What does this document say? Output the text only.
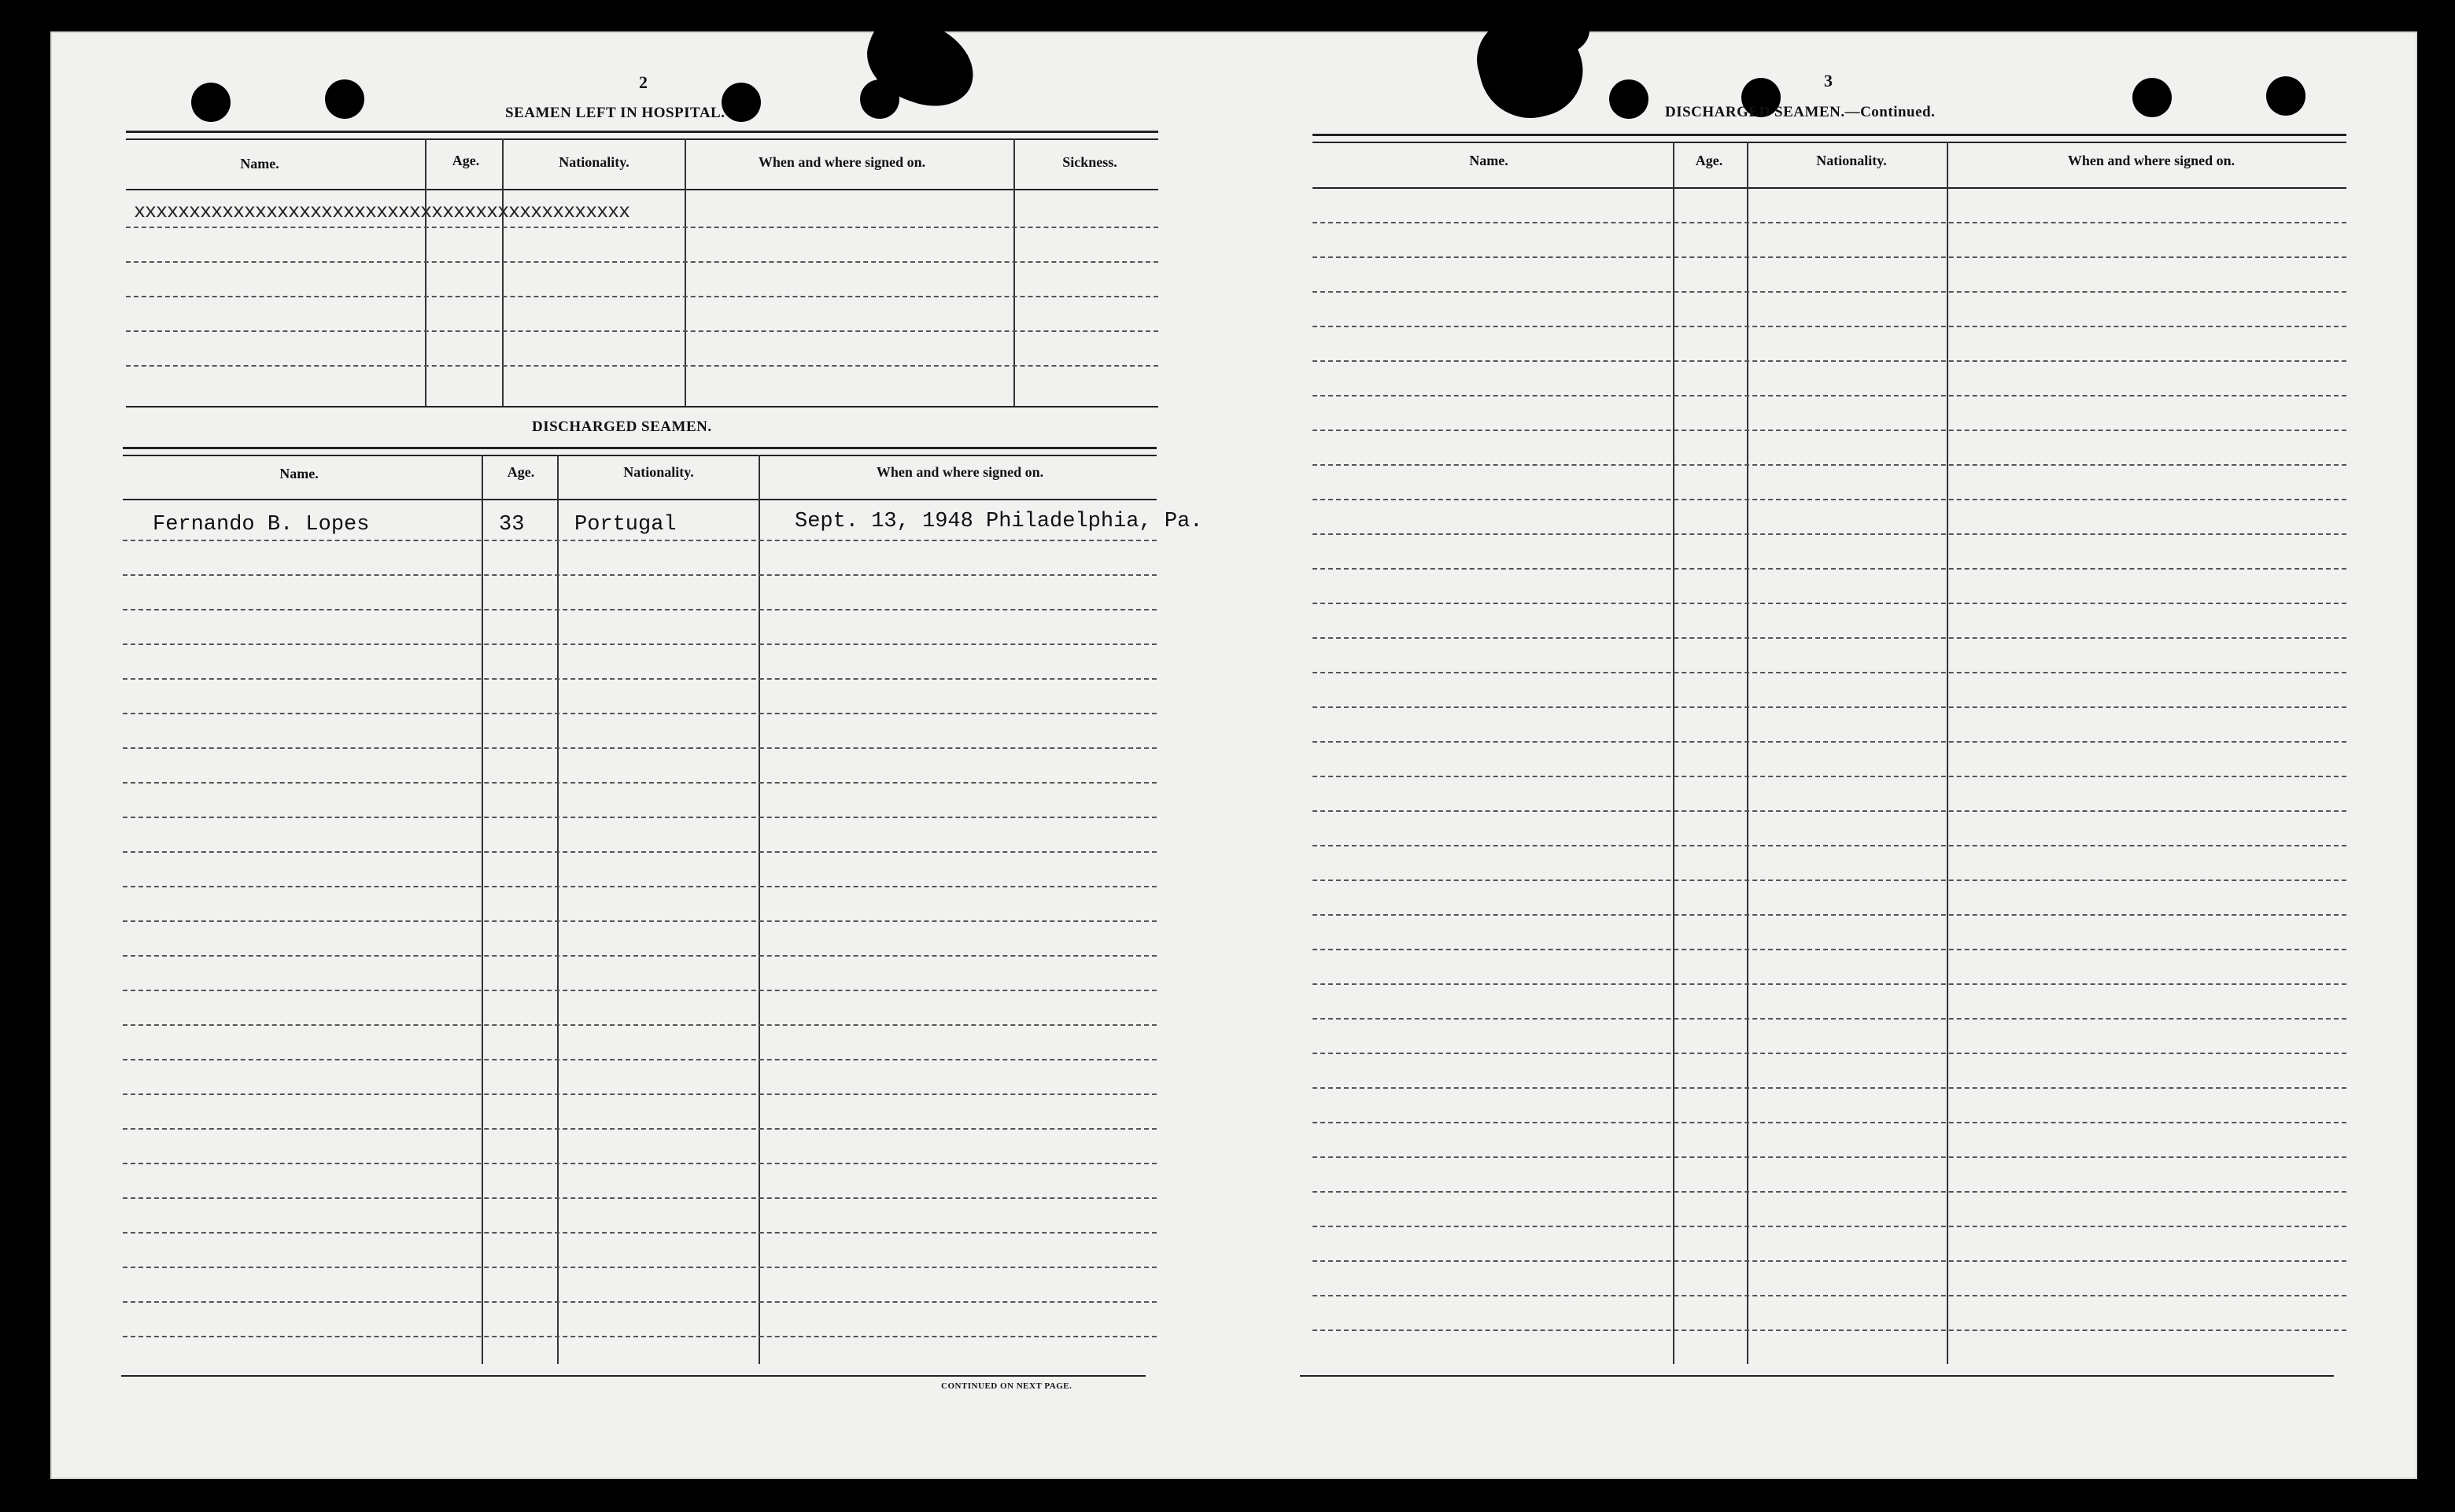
2
SEAMEN LEFT IN HOSPITAL.
Name.	Age.	Nationality.	When and where signed on.	Sickness.
xxxxxxxxxxxxxxxxxxxxxxxxxxxxxxxxxxxxxxxxxxxxx
DISCHARGED SEAMEN.
Name.	Age.	Nationality.	When and where signed on.
Fernando B. Lopes	33 Portugal	Sept. 13, 1948 Philadelphia, Pa.
CONTINUED ON NEXT PAGE.
3
DISCHARGED SEAMEN.—Continued.
Name.	Age.	Nationality.	When and where signed on.
